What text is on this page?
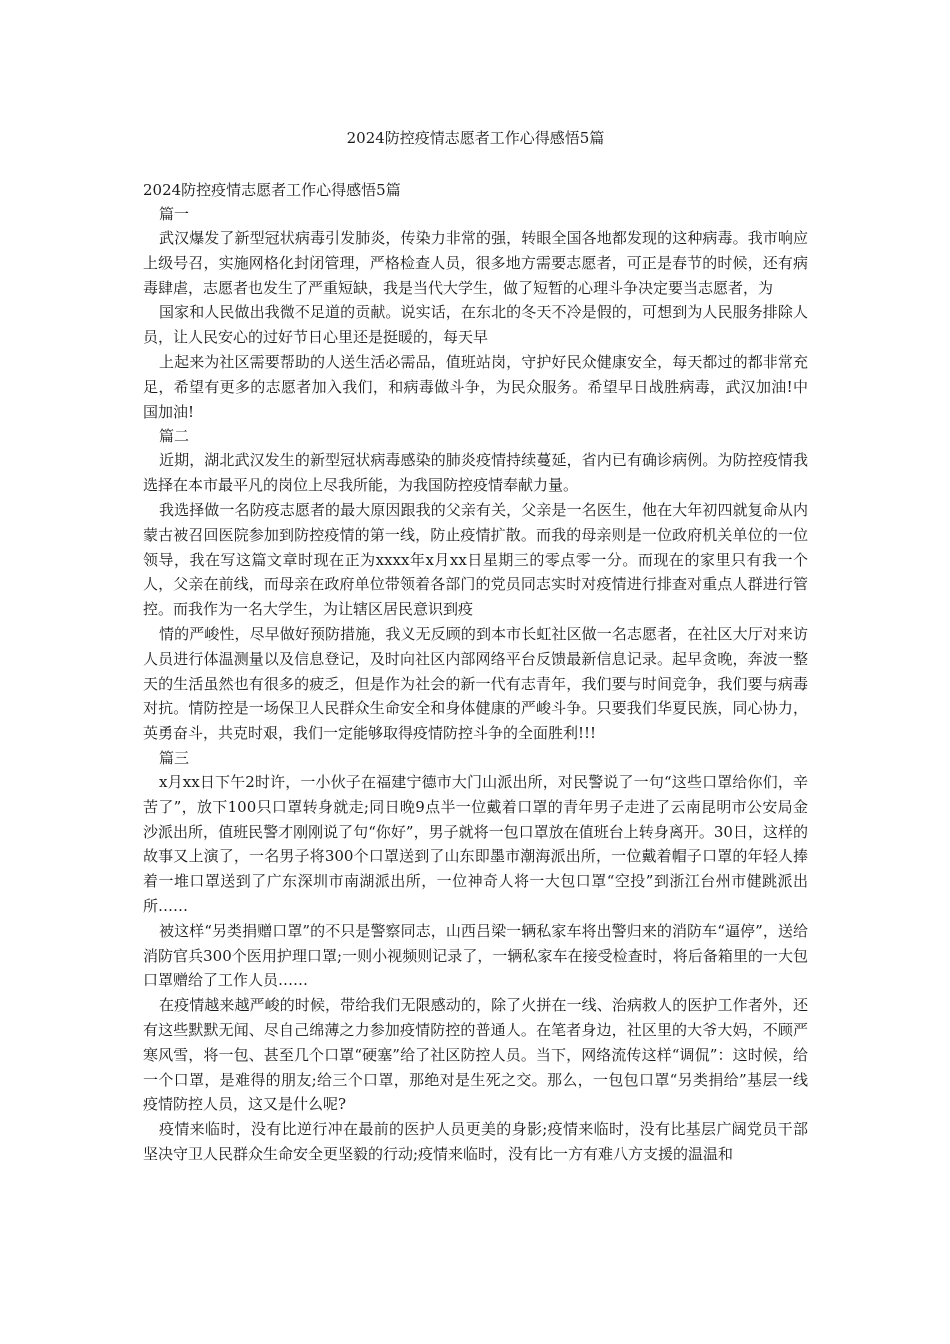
2024防控疫情志愿者工作心得感悟5篇
2024防控疫情志愿者工作心得感悟5篇
篇一

武汉爆发了新型冠状病毒引发肺炎，传染力非常的强，转眼全国各地都发现的这种病毒。我市响应上级号召，实施网格化封闭管理，严格检查人员，很多地方需要志愿者，可正是春节的时候，还有病毒肆虐，志愿者也发生了严重短缺，我是当代大学生，做了短暂的心理斗争决定要当志愿者，为

国家和人民做出我微不足道的贡献。说实话，在东北的冬天不冷是假的，可想到为人民服务排除人员，让人民安心的过好节日心里还是挺暖的，每天早

上起来为社区需要帮助的人送生活必需品，值班站岗，守护好民众健康安全，每天都过的都非常充足，希望有更多的志愿者加入我们，和病毒做斗争，为民众服务。希望早日战胜病毒，武汉加油!中国加油!

篇二

近期，湖北武汉发生的新型冠状病毒感染的肺炎疫情持续蔓延，省内已有确诊病例。为防控疫情我选择在本市最平凡的岗位上尽我所能，为我国防控疫情奉献力量。

我选择做一名防疫志愿者的最大原因跟我的父亲有关，父亲是一名医生，他在大年初四就复命从内蒙古被召回医院参加到防控疫情的第一线，防止疫情扩散。而我的母亲则是一位政府机关单位的一位领导，我在写这篇文章时现在正为xxxx年x月xx日星期三的零点零一分。而现在的家里只有我一个人，父亲在前线，而母亲在政府单位带领着各部门的党员同志实时对疫情进行排查对重点人群进行管控。而我作为一名大学生，为让辖区居民意识到疫

情的严峻性，尽早做好预防措施，我义无反顾的到本市长虹社区做一名志愿者，在社区大厅对来访人员进行体温测量以及信息登记，及时向社区内部网络平台反馈最新信息记录。起早贪晚，奔波一整天的生活虽然也有很多的疲乏，但是作为社会的新一代有志青年，我们要与时间竞争，我们要与病毒对抗。情防控是一场保卫人民群众生命安全和身体健康的严峻斗争。只要我们华夏民族，同心协力，英勇奋斗，共克时艰，我们一定能够取得疫情防控斗争的全面胜利!!!

篇三

x月xx日下午2时许，一小伙子在福建宁德市大门山派出所，对民警说了一句“这些口罩给你们，辛苦了”，放下100只口罩转身就走;同日晚9点半一位戴着口罩的青年男子走进了云南昆明市公安局金沙派出所，值班民警才刚刚说了句“你好”，男子就将一包口罩放在值班台上转身离开。30日，这样的故事又上演了，一名男子将300个口罩送到了山东即墨市潮海派出所，一位戴着帽子口罩的年轻人捧着一堆口罩送到了广东深圳市南湖派出所，一位神奇人将一大包口罩“空投”到浙江台州市健跳派出所……

被这样“另类捐赠口罩”的不只是警察同志，山西吕梁一辆私家车将出警归来的消防车“逼停”，送给消防官兵300个医用护理口罩;一则小视频则记录了，一辆私家车在接受检查时，将后备箱里的一大包口罩赠给了工作人员……

在疫情越来越严峻的时候，带给我们无限感动的，除了火拼在一线、治病救人的医护工作者外，还有这些默默无闻、尽自己绵薄之力参加疫情防控的普通人。在笔者身边，社区里的大爷大妈，不顾严寒风雪，将一包、甚至几个口罩“硬塞”给了社区防控人员。当下，网络流传这样“调侃”：这时候，给一个口罩，是难得的朋友;给三个口罩，那绝对是生死之交。那么，一包包口罩“另类捐给”基层一线疫情防控人员，这又是什么呢?

疫情来临时，没有比逆行冲在最前的医护人员更美的身影;疫情来临时，没有比基层广阔党员干部坚决守卫人民群众生命安全更坚毅的行动;疫情来临时，没有比一方有难八方支援的温温和
